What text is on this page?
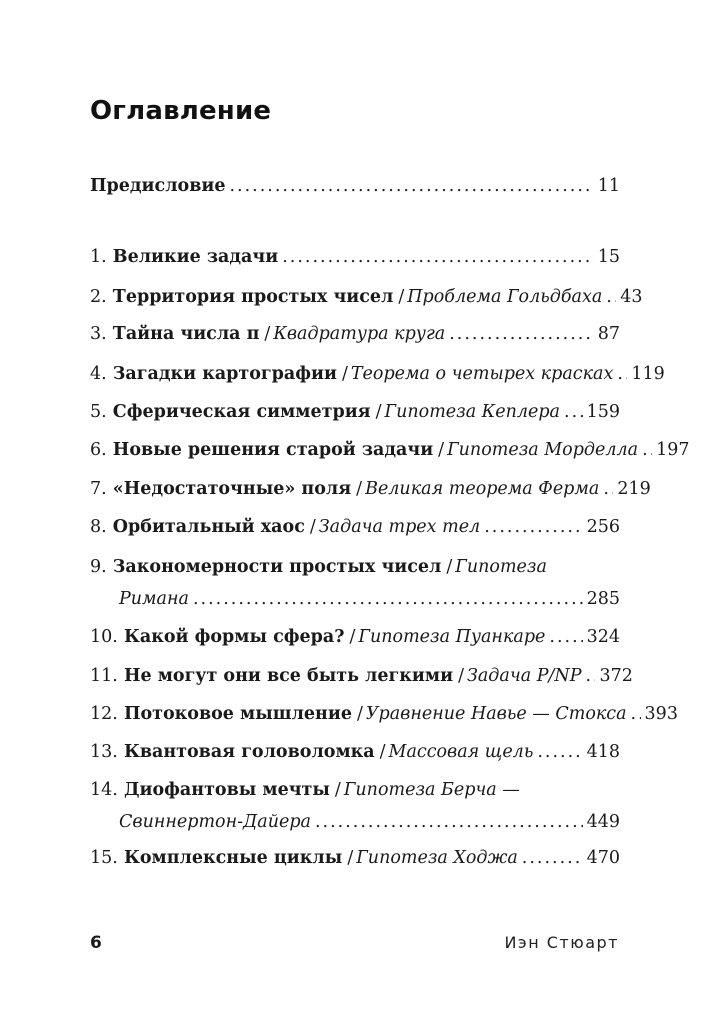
Оглавление
Предисловие .....	11
1. Великие задачи .....	15
2. Территория простых чисел / Проблема Гольдбаха ..... 43
3. Тайна числа π / Квадратура круга .....	87
4. Загадки картографии / Теорема о четырех красках ..... 119
5. Сферическая симметрия / Гипотеза Кеплера ..... 159
6. Новые решения старой задачи / Гипотеза Морделла ..... 197
7. «Недостаточные» поля / Великая теорема Ферма ..... 219
8. Орбитальный хаос / Задача трех тел .....	256
9. Закономерности простых чисел / Гипотеза
Римана .....	285
10. Какой формы сфера? / Гипотеза Пуанкаре ..... 324
11. Не могут они все быть легкими / Задача P/NP ..... 372
12. Потоковое мышление / Уравнение Навье — Стокса ..... 393
13. Квантовая головоломка / Массовая щель .....	418
14. Диофантовы мечты / Гипотеза Берча —
Свиннертон-Дайера .....	449
15. Комплексные циклы / Гипотеза Ходжа .....	470
6	Иэн Стюарт
